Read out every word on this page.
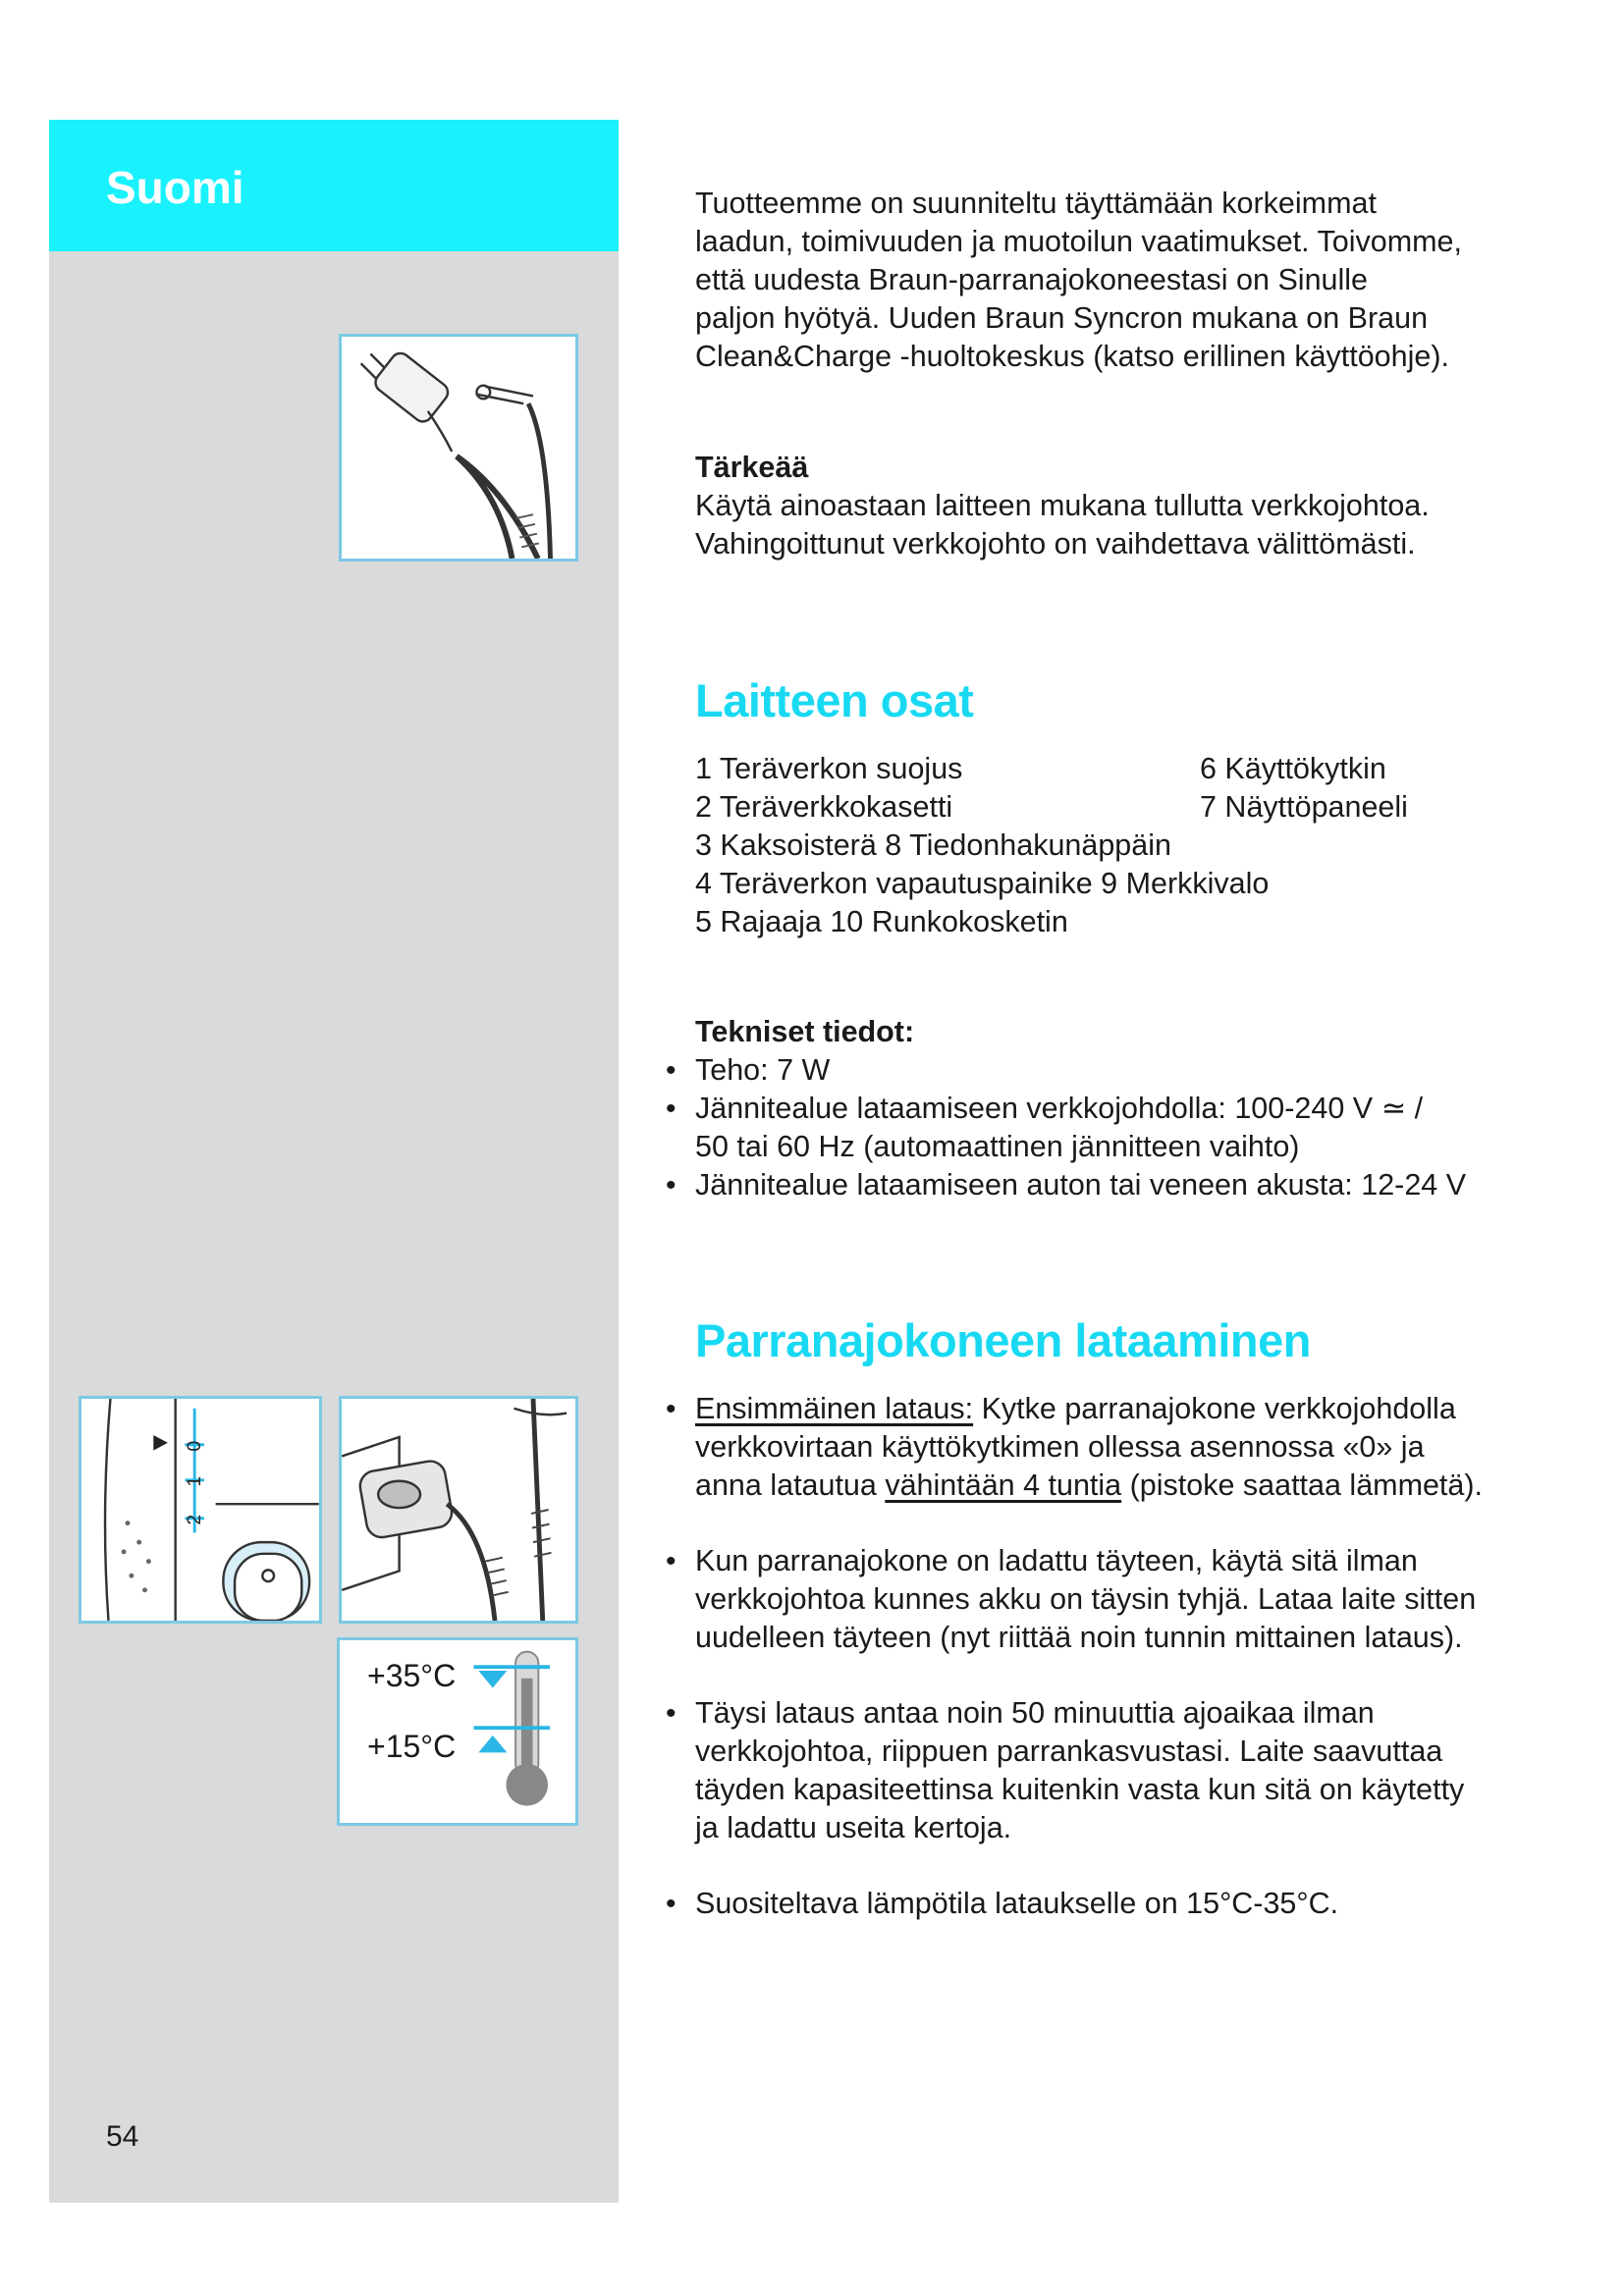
Suomi
0
1
2
+35°C
+15°C
54

Tuotteemme on suunniteltu täyttämään korkeimmat

laadun, toimivuuden ja muotoilun vaatimukset. Toivomme,

että uudesta Braun-parranajokoneestasi on Sinulle

paljon hyötyä. Uuden Braun Syncron mukana on Braun

Clean&Charge -huoltokeskus (katso erillinen käyttöohje).

Tärkeää

Käytä ainoastaan laitteen mukana tullutta verkkojohtoa.

Vahingoittunut verkkojohto on vaihdettava välittömästi.

Laitteen osat
1 Teräverkon suojus	6 Käyttökytkin
2 Teräverkkokasetti	7 Näyttöpaneeli
3 Kaksoisterä 8 Tiedonhakunäppäin
4 Teräverkon vapautuspainike 9 Merkkivalo
5 Rajaaja 10 Runkokosketin

Tekniset tiedot:

• Teho: 7 W
• Jännitealue lataamiseen verkkojohdolla: 100-240 V ≃ /
50 tai 60 Hz (automaattinen jännitteen vaihto)
• Jännitealue lataamiseen auton tai veneen akusta: 12-24 V
Parranajokoneen lataaminen
• Ensimmäinen lataus: Kytke parranajokone verkkojohdolla
verkkovirtaan käyttökytkimen ollessa asennossa «0» ja
anna latautua vähintään 4 tuntia (pistoke saattaa lämmetä).
• Kun parranajokone on ladattu täyteen, käytä sitä ilman
verkkojohtoa kunnes akku on täysin tyhjä. Lataa laite sitten
uudelleen täyteen (nyt riittää noin tunnin mittainen lataus).
• Täysi lataus antaa noin 50 minuuttia ajoaikaa ilman
verkkojohtoa, riippuen parrankasvustasi. Laite saavuttaa
täyden kapasiteettinsa kuitenkin vasta kun sitä on käytetty
ja ladattu useita kertoja.
• Suositeltava lämpötila lataukselle on 15°C-35°C.
